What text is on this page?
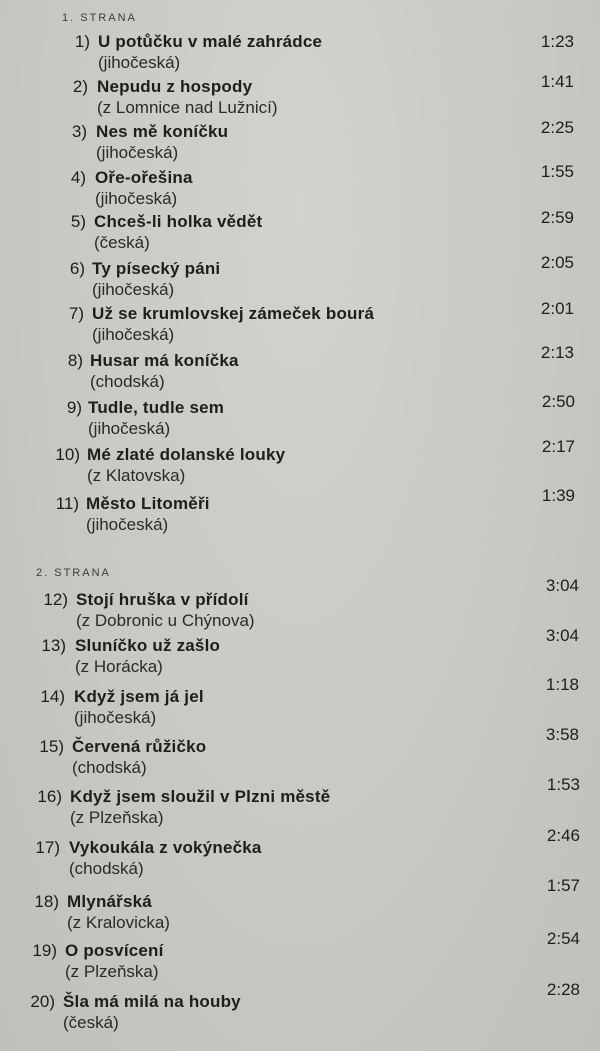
1. STRANA
1) U potůčku v malé zahrádce
(jihočeská)
1:23
2) Nepudu z hospody
(z Lomnice nad Lužnicí)
1:41
3) Nes mě koníčku
(jihočeská)
2:25
4) Oře-ořešina
(jihočeská)
1:55
5) Chceš-li holka vědět
(česká)
2:59
6) Ty písecký páni
(jihočeská)
2:05
7) Už se krumlovskej zámeček bourá
(jihočeská)
2:01
8) Husar má koníčka
(chodská)
2:13
9) Tudle, tudle sem
(jihočeská)
2:50
10) Mé zlaté dolanské louky
(z Klatovska)
2:17
11) Město Litoměři
(jihočeská)
1:39
2. STRANA
12) Stojí hruška v přídolí
(z Dobronic u Chýnova)
3:04
13) Sluníčko už zašlo
(z Horácka)
3:04
14) Když jsem já jel
(jihočeská)
1:18
15) Červená růžičko
(chodská)
3:58
16) Když jsem sloužil v Plzni městě
(z Plzeňska)
1:53
17) Vykoukála z vokýnečka
(chodská)
2:46
18) Mlynářská
(z Kralovicka)
1:57
19) O posvícení
(z Plzeňska)
2:54
20) Šla má milá na houby
(česká)
2:28
